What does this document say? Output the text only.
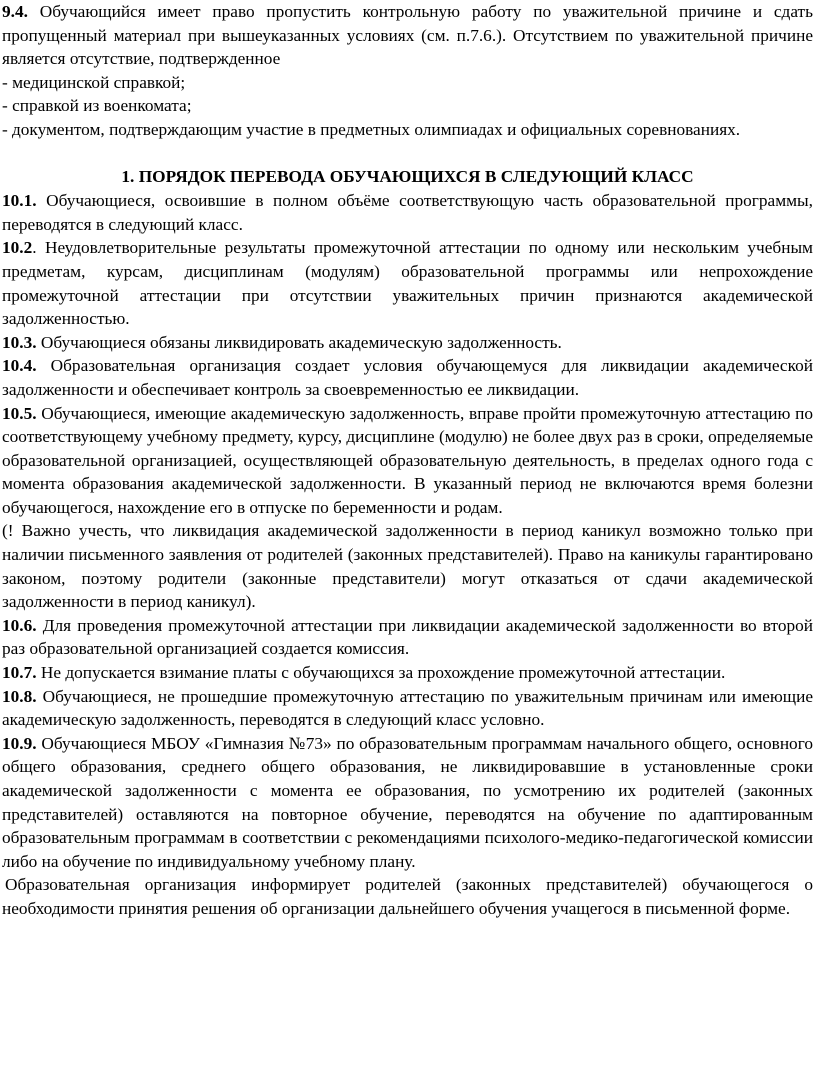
9.4. Обучающийся имеет право пропустить контрольную работу по уважительной причине и сдать пропущенный материал при вышеуказанных условиях (см. п.7.6.). Отсутствием по уважительной причине является отсутствие, подтвержденное

- медицинской справкой;

- справкой из военкомата;

- документом, подтверждающим участие в предметных олимпиадах и официальных соревнованиях.

1. ПОРЯДОК ПЕРЕВОДА ОБУЧАЮЩИХСЯ В СЛЕДУЮЩИЙ КЛАСС

10.1. Обучающиеся, освоившие в полном объёме соответствующую часть образовательной программы, переводятся в следующий класс.

10.2. Неудовлетворительные результаты промежуточной аттестации по одному или нескольким учебным предметам, курсам, дисциплинам (модулям) образовательной программы или непрохождение промежуточной аттестации при отсутствии уважительных причин признаются академической задолженностью.

10.3. Обучающиеся обязаны ликвидировать академическую задолженность.

10.4. Образовательная организация создает условия обучающемуся для ликвидации академической задолженности и обеспечивает контроль за своевременностью ее ликвидации.

10.5. Обучающиеся, имеющие академическую задолженность, вправе пройти промежуточную аттестацию по соответствующему учебному предмету, курсу, дисциплине (модулю) не более двух раз в сроки, определяемые образовательной организацией, осуществляющей образовательную деятельность, в пределах одного года с момента образования академической задолженности. В указанный период не включаются время болезни обучающегося, нахождение его в отпуске по беременности и родам.

(! Важно учесть, что ликвидация академической задолженности в период каникул возможно только при наличии письменного заявления от родителей (законных представителей). Право на каникулы гарантировано законом, поэтому родители (законные представители) могут отказаться от сдачи академической задолженности в период каникул).

10.6. Для проведения промежуточной аттестации при ликвидации академической задолженности во второй раз образовательной организацией создается комиссия.

10.7. Не допускается взимание платы с обучающихся за прохождение промежуточной аттестации.

10.8. Обучающиеся, не прошедшие промежуточную аттестацию по уважительным причинам или имеющие академическую задолженность, переводятся в следующий класс условно.

10.9. Обучающиеся МБОУ «Гимназия №73» по образовательным программам начального общего, основного общего образования, среднего общего образования, не ликвидировавшие в установленные сроки академической задолженности с момента ее образования, по усмотрению их родителей (законных представителей) оставляются на повторное обучение, переводятся на обучение по адаптированным образовательным программам в соответствии с рекомендациями психолого-медико-педагогической комиссии либо на обучение по индивидуальному учебному плану.

Образовательная организация информирует родителей (законных представителей) обучающегося о необходимости принятия решения об организации дальнейшего обучения учащегося в письменной форме.
